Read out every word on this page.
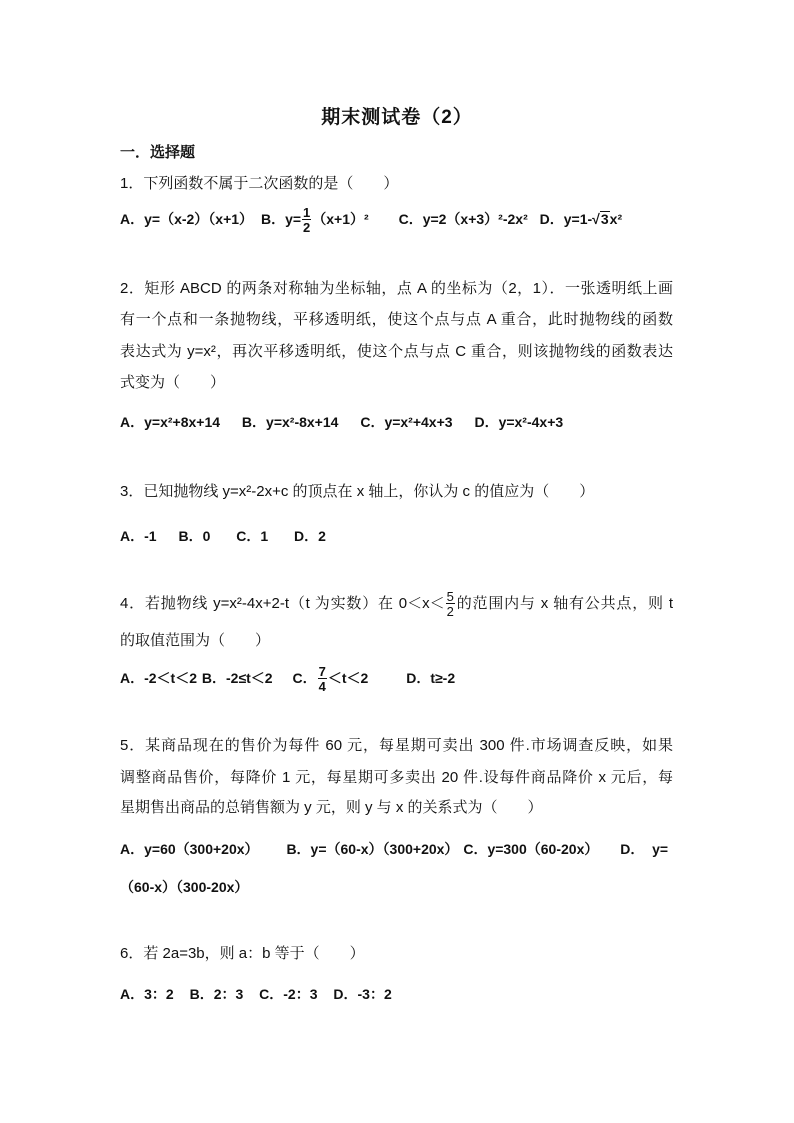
期末测试卷（2）
一．选择题
1．下列函数不属于二次函数的是（　　）
A．y=（x-2）（x+1） B．$y= \frac{1}{2} (x+1)^2$ C．y=2（x+3）²-2x² D．y=1-√3x²
2．矩形 ABCD 的两条对称轴为坐标轴，点 A 的坐标为（2，1）．一张透明纸上画
有一个点和一条抛物线，平移透明纸，使这个点与点 A 重合，此时抛物线的函数
表达式为 y=x²，再次平移透明纸，使这个点与点 C 重合，则该抛物线的函数表达
式变为（　　）
A．y=x²+8x+14 B．y=x²-8x+14 C．y=x²+4x+3 D．y=x²-4x+3
3．已知抛物线 y=x²-2x+c 的顶点在 x 轴上，你认为 c 的值应为（　　）
A．-1 B．0 C．1 D．2
4．若抛物线 y=x²-4x+2-t（t 为实数）在 $0<x< \frac{5}{2}$ 的范围内与 x 轴有公共点，则 t
的取值范围为（　　）
A．-2＜t＜2 B．-2≤t＜2 C． $\frac{7}{4} <t<2$	D．t≥-2
5．某商品现在的售价为每件 60 元，每星期可卖出 300 件.市场调查反映，如果
调整商品售价，每降价 1 元，每星期可多卖出 20 件.设每件商品降价 x 元后，每
星期售出商品的总销售额为 y 元，则 y 与 x 的关系式为（　　）
A．y=60（300+20x） B．y=（60-x）（300+20x） C．y=300（60-20x） D．  y=
（60-x）（300-20x）
6．若 2a=3b，则 a：b 等于（　　）
A．3：2 B．2：3 C．-2：3 D．-3：2
